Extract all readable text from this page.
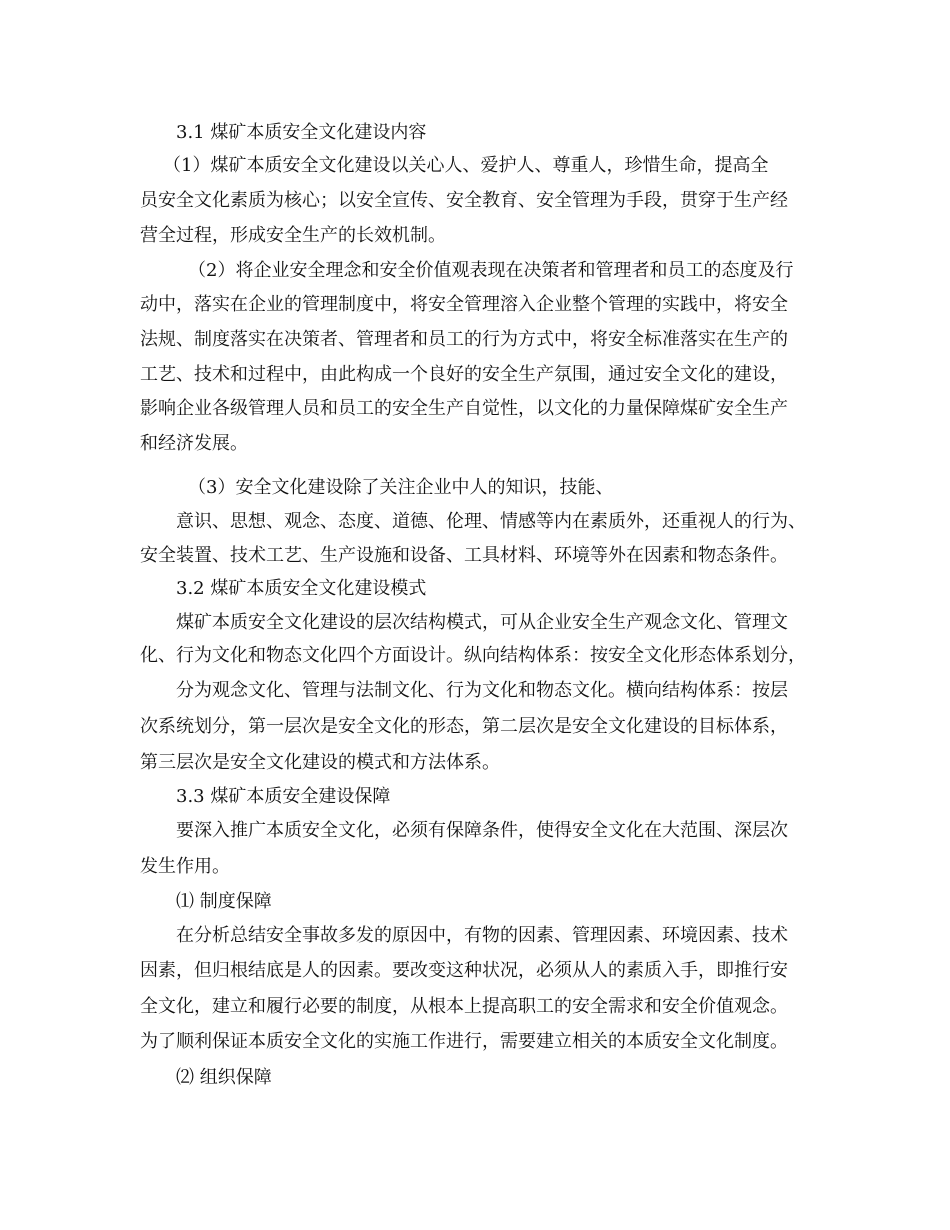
3.1 煤矿本质安全文化建设内容
（1）煤矿本质安全文化建设以关心人、爱护人、尊重人，珍惜生命，提高全
员安全文化素质为核心；以安全宣传、安全教育、安全管理为手段，贯穿于生产经
营全过程，形成安全生产的长效机制。
（2）将企业安全理念和安全价值观表现在决策者和管理者和员工的态度及行
动中，落实在企业的管理制度中，将安全管理溶入企业整个管理的实践中，将安全
法规、制度落实在决策者、管理者和员工的行为方式中，将安全标准落实在生产的
工艺、技术和过程中，由此构成一个良好的安全生产氛围，通过安全文化的建设，
影响企业各级管理人员和员工的安全生产自觉性，以文化的力量保障煤矿安全生产
和经济发展。
（3）安全文化建设除了关注企业中人的知识，技能、
意识、思想、观念、态度、道德、伦理、情感等内在素质外，还重视人的行为、
安全装置、技术工艺、生产设施和设备、工具材料、环境等外在因素和物态条件。
3.2 煤矿本质安全文化建设模式
煤矿本质安全文化建设的层次结构模式，可从企业安全生产观念文化、管理文
化、行为文化和物态文化四个方面设计。纵向结构体系：按安全文化形态体系划分，
分为观念文化、管理与法制文化、行为文化和物态文化。横向结构体系：按层
次系统划分，第一层次是安全文化的形态，第二层次是安全文化建设的目标体系，
第三层次是安全文化建设的模式和方法体系。
3.3 煤矿本质安全建设保障
要深入推广本质安全文化，必须有保障条件，使得安全文化在大范围、深层次
发生作用。
⑴ 制度保障
在分析总结安全事故多发的原因中，有物的因素、管理因素、环境因素、技术
因素，但归根结底是人的因素。要改变这种状况，必须从人的素质入手，即推行安
全文化，建立和履行必要的制度，从根本上提高职工的安全需求和安全价值观念。
为了顺利保证本质安全文化的实施工作进行，需要建立相关的本质安全文化制度。
⑵ 组织保障
